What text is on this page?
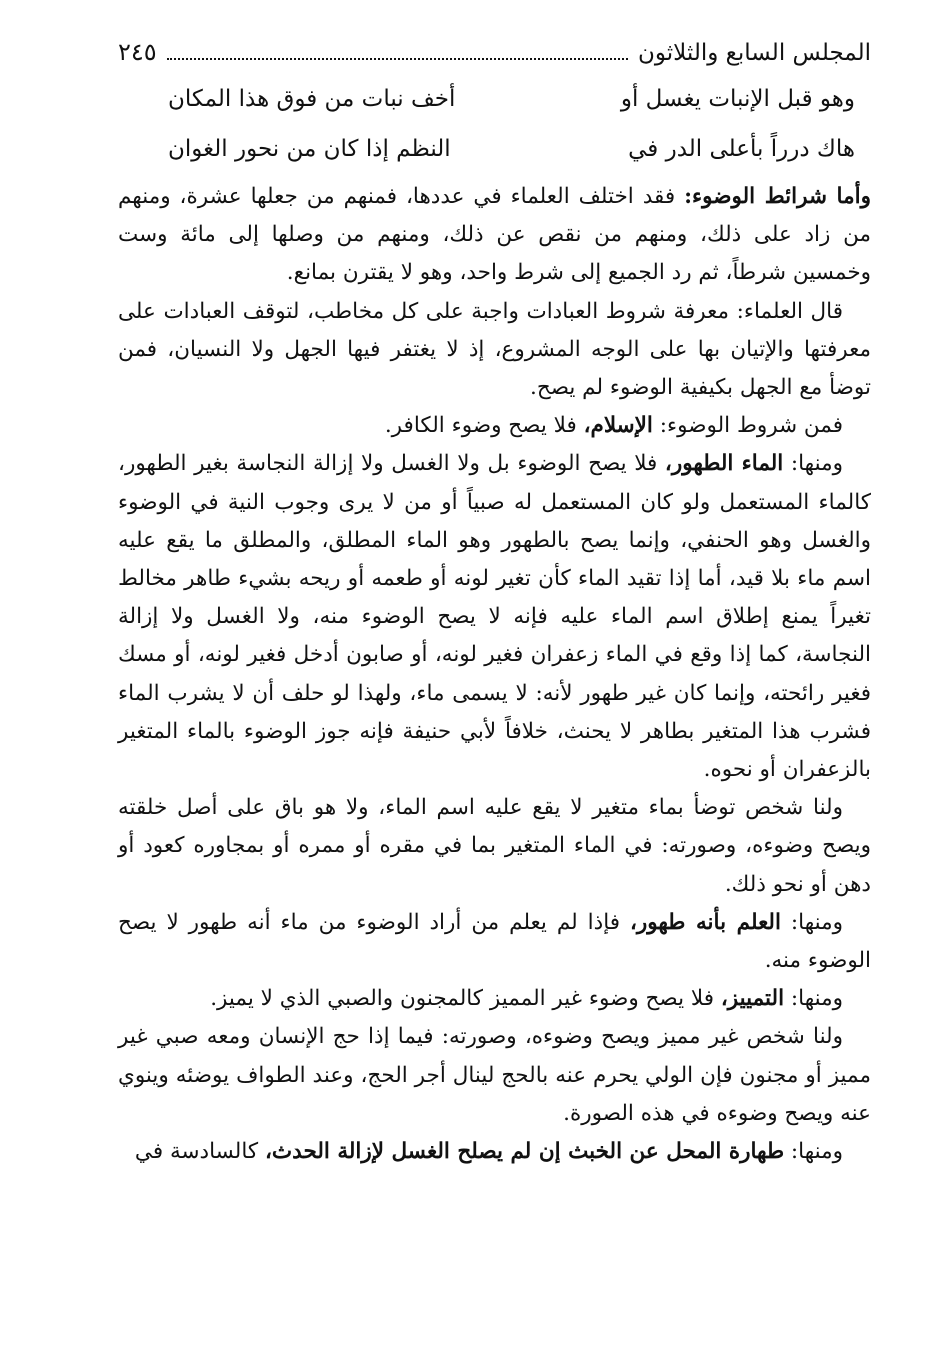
المجلس السابع والثلاثون
٢٤٥
وهو قبل الإنبات يغسل أو
أخف نبات من فوق هذا المكان
هاك درراً بأعلى الدر في
النظم إذا كان من نحور الغوان

وأما شرائط الوضوء: فقد اختلف العلماء في عددها، فمنهم من جعلها عشرة، ومنهم من زاد على ذلك، ومنهم من نقص عن ذلك، ومنهم من وصلها إلى مائة وست وخمسين شرطاً، ثم رد الجميع إلى شرط واحد، وهو لا يقترن بمانع.

قال العلماء: معرفة شروط العبادات واجبة على كل مخاطب، لتوقف العبادات على معرفتها والإتيان بها على الوجه المشروع، إذ لا يغتفر فيها الجهل ولا النسيان، فمن توضأ مع الجهل بكيفية الوضوء لم يصح.

فمن شروط الوضوء: الإسلام، فلا يصح وضوء الكافر.

ومنها: الماء الطهور، فلا يصح الوضوء بل ولا الغسل ولا إزالة النجاسة بغير الطهور، كالماء المستعمل ولو كان المستعمل له صبياً أو من لا يرى وجوب النية في الوضوء والغسل وهو الحنفي، وإنما يصح بالطهور وهو الماء المطلق، والمطلق ما يقع عليه اسم ماء بلا قيد، أما إذا تقيد الماء كأن تغير لونه أو طعمه أو ريحه بشيء طاهر مخالط تغيراً يمنع إطلاق اسم الماء عليه فإنه لا يصح الوضوء منه، ولا الغسل ولا إزالة النجاسة، كما إذا وقع في الماء زعفران فغير لونه، أو صابون أدخل فغير لونه، أو مسك فغير رائحته، وإنما كان غير طهور لأنه: لا يسمى ماء، ولهذا لو حلف أن لا يشرب الماء فشرب هذا المتغير بطاهر لا يحنث، خلافاً لأبي حنيفة فإنه جوز الوضوء بالماء المتغير بالزعفران أو نحوه.

ولنا شخص توضأ بماء متغير لا يقع عليه اسم الماء، ولا هو باق على أصل خلقته ويصح وضوءه، وصورته: في الماء المتغير بما في مقره أو ممره أو بمجاوره كعود أو دهن أو نحو ذلك.

ومنها: العلم بأنه طهور، فإذا لم يعلم من أراد الوضوء من ماء أنه طهور لا يصح الوضوء منه.

ومنها: التمييز، فلا يصح وضوء غير المميز كالمجنون والصبي الذي لا يميز.

ولنا شخص غير مميز ويصح وضوءه، وصورته: فيما إذا حج الإنسان ومعه صبي غير مميز أو مجنون فإن الولي يحرم عنه بالحج لينال أجر الحج، وعند الطواف يوضئه وينوي عنه ويصح وضوءه في هذه الصورة.

ومنها: طهارة المحل عن الخبث إن لم يصلح الغسل لإزالة الحدث، كالسادسة في
